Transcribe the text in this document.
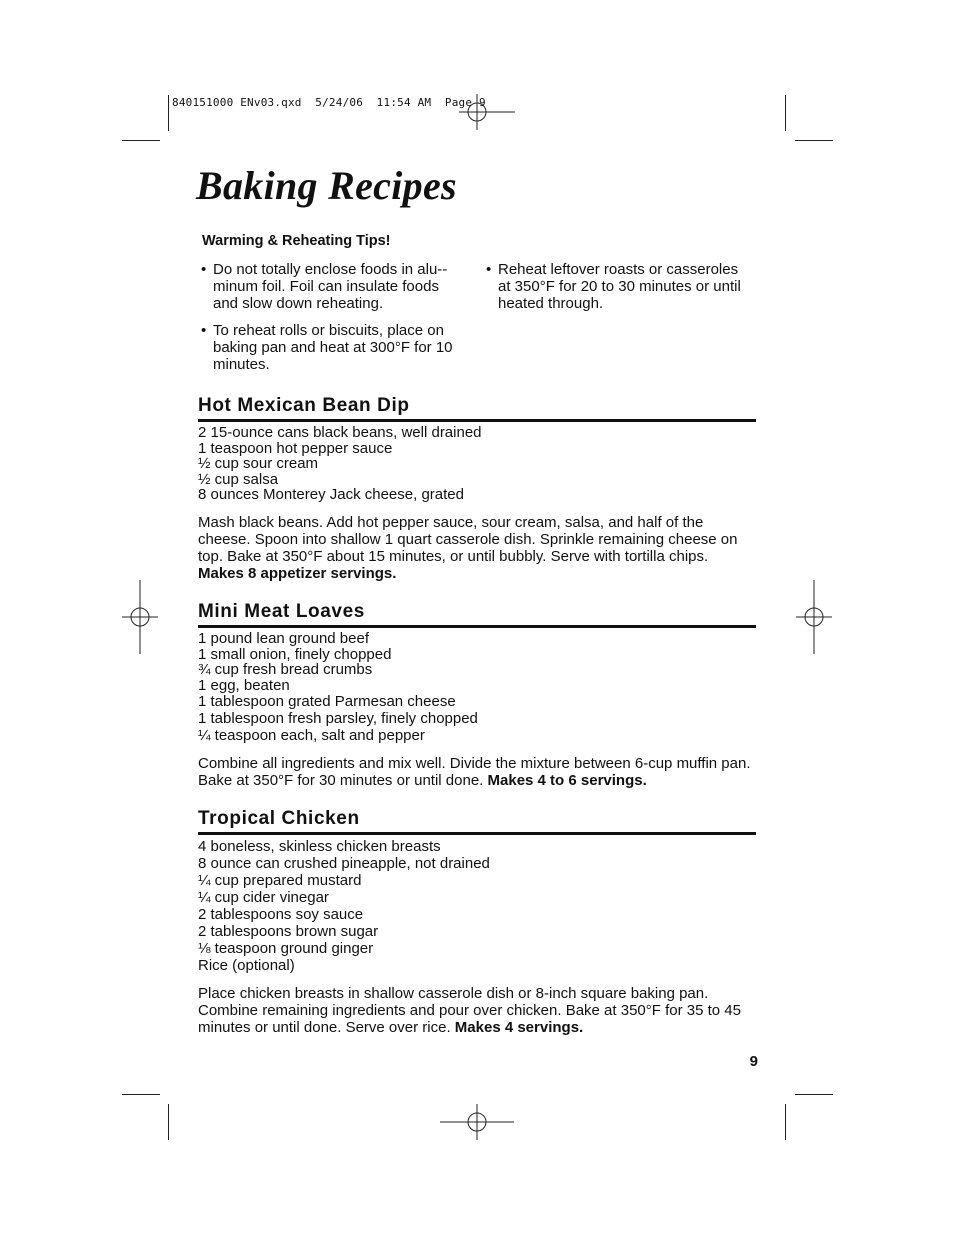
840151000 ENv03.qxd  5/24/06  11:54 AM  Page 9
Baking Recipes
Warming & Reheating Tips!
• Do not totally enclose foods in alu-minum foil. Foil can insulate foods and slow down reheating.
• To reheat rolls or biscuits, place on baking pan and heat at 300°F for 10 minutes.
• Reheat leftover roasts or casseroles at 350°F for 20 to 30 minutes or until heated through.
Hot Mexican Bean Dip
2 15-ounce cans black beans, well drained
1 teaspoon hot pepper sauce
½ cup sour cream
½ cup salsa
8 ounces Monterey Jack cheese, grated
Mash black beans. Add hot pepper sauce, sour cream, salsa, and half of the cheese. Spoon into shallow 1 quart casserole dish. Sprinkle remaining cheese on top. Bake at 350°F about 15 minutes, or until bubbly. Serve with tortilla chips.
Makes 8 appetizer servings.
Mini Meat Loaves
1 pound lean ground beef
1 small onion, finely chopped
¾ cup fresh bread crumbs
1 egg, beaten
1 tablespoon grated Parmesan cheese
1 tablespoon fresh parsley, finely chopped
¼ teaspoon each, salt and pepper
Combine all ingredients and mix well. Divide the mixture between 6-cup muffin pan. Bake at 350°F for 30 minutes or until done. Makes 4 to 6 servings.
Tropical Chicken
4 boneless, skinless chicken breasts
8 ounce can crushed pineapple, not drained
¼ cup prepared mustard
¼ cup cider vinegar
2 tablespoons soy sauce
2 tablespoons brown sugar
⅛ teaspoon ground ginger
Rice (optional)
Place chicken breasts in shallow casserole dish or 8-inch square baking pan. Combine remaining ingredients and pour over chicken. Bake at 350°F for 35 to 45 minutes or until done. Serve over rice. Makes 4 servings.
9
